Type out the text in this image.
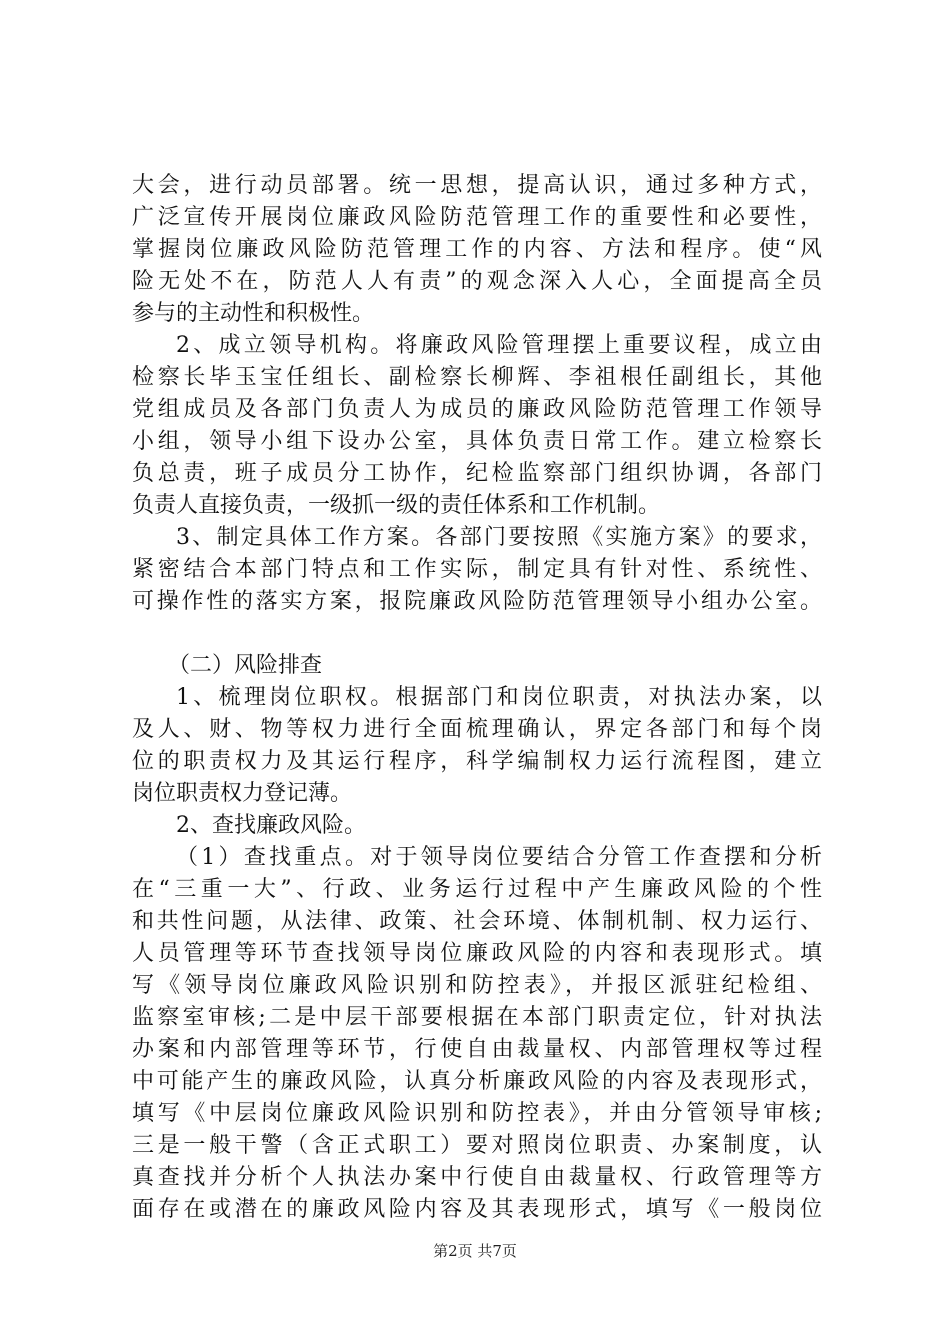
大会，进行动员部署。统一思想，提高认识，通过多种方式，
广泛宣传开展岗位廉政风险防范管理工作的重要性和必要性，
掌握岗位廉政风险防范管理工作的内容、方法和程序。使“风
险无处不在，防范人人有责”的观念深入人心，全面提高全员
参与的主动性和积极性。
2、成立领导机构。将廉政风险管理摆上重要议程，成立由
检察长毕玉宝任组长、副检察长柳辉、李祖根任副组长，其他
党组成员及各部门负责人为成员的廉政风险防范管理工作领导
小组，领导小组下设办公室，具体负责日常工作。建立检察长
负总责，班子成员分工协作，纪检监察部门组织协调，各部门
负责人直接负责，一级抓一级的责任体系和工作机制。
3、制定具体工作方案。各部门要按照《实施方案》的要求，
紧密结合本部门特点和工作实际，制定具有针对性、系统性、
可操作性的落实方案，报院廉政风险防范管理领导小组办公室。
（二）风险排查
1、梳理岗位职权。根据部门和岗位职责，对执法办案，以
及人、财、物等权力进行全面梳理确认，界定各部门和每个岗
位的职责权力及其运行程序，科学编制权力运行流程图，建立
岗位职责权力登记薄。
2、查找廉政风险。
（1）查找重点。对于领导岗位要结合分管工作查摆和分析
在“三重一大”、行政、业务运行过程中产生廉政风险的个性
和共性问题，从法律、政策、社会环境、体制机制、权力运行、
人员管理等环节查找领导岗位廉政风险的内容和表现形式。填
写《领导岗位廉政风险识别和防控表》，并报区派驻纪检组、
监察室审核;二是中层干部要根据在本部门职责定位，针对执法
办案和内部管理等环节，行使自由裁量权、内部管理权等过程
中可能产生的廉政风险，认真分析廉政风险的内容及表现形式，
填写《中层岗位廉政风险识别和防控表》，并由分管领导审核;
三是一般干警（含正式职工）要对照岗位职责、办案制度，认
真查找并分析个人执法办案中行使自由裁量权、行政管理等方
面存在或潜在的廉政风险内容及其表现形式，填写《一般岗位
第2页 共7页
